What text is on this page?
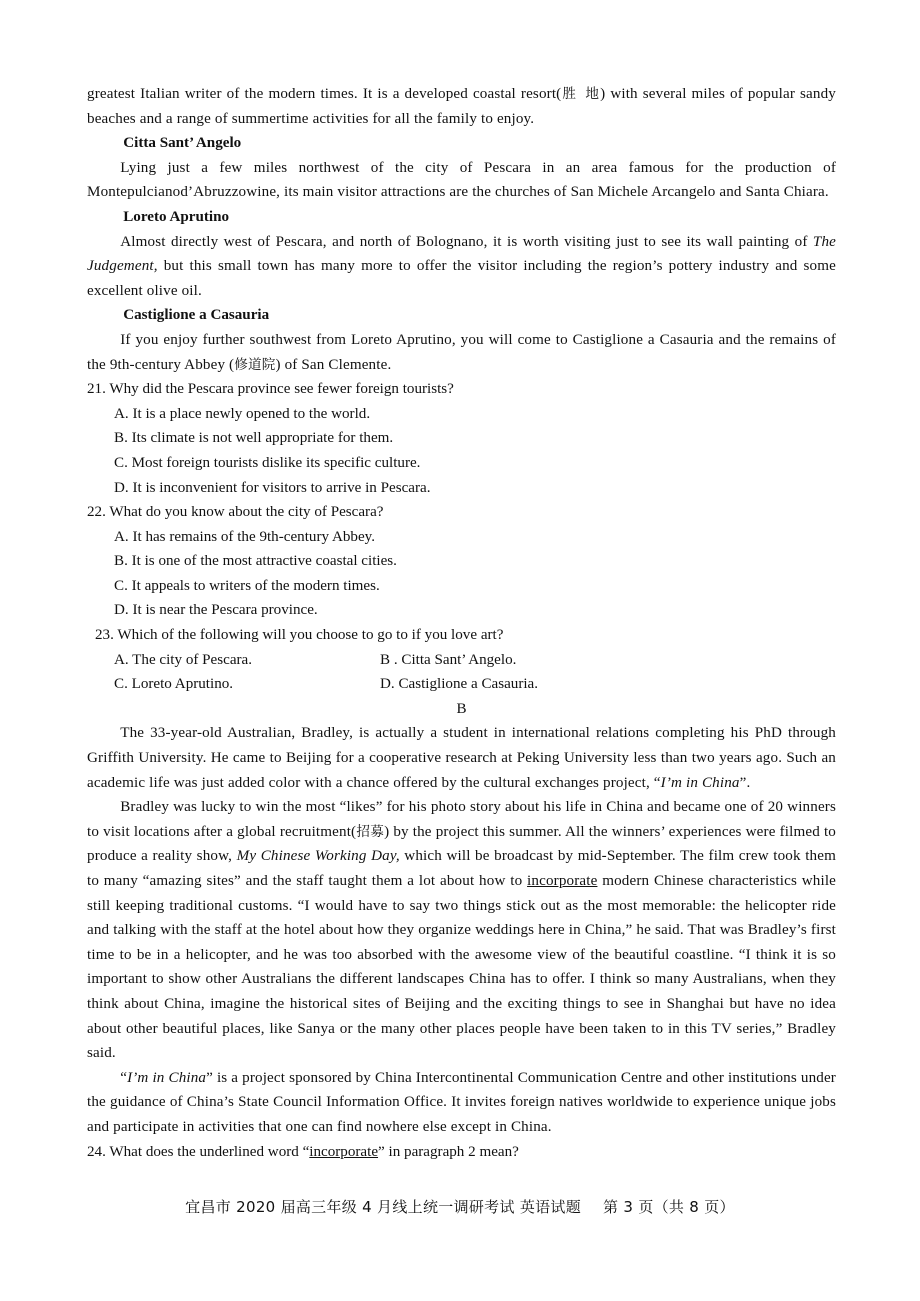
greatest Italian writer of the modern times. It is a developed coastal resort(胜 地) with several miles of popular sandy beaches and a range of summertime activities for all the family to enjoy.

Citta Sant’ Angelo

Lying just a few miles northwest of the city of Pescara in an area famous for the production of Montepulcianod’Abruzzowine, its main visitor attractions are the churches of San Michele Arcangelo and Santa Chiara.

Loreto Aprutino

Almost directly west of Pescara, and north of Bolognano, it is worth visiting just to see its wall painting of The Judgement, but this small town has many more to offer the visitor including the region’s pottery industry and some excellent olive oil.

Castiglione a Casauria

If you enjoy further southwest from Loreto Aprutino, you will come to Castiglione a Casauria and the remains of the 9th-century Abbey (修道院) of San Clemente.

21. Why did the Pescara province see fewer foreign tourists?

A. It is a place newly opened to the world.

B. Its climate is not well appropriate for them.

C. Most foreign tourists dislike its specific culture.

D. It is inconvenient for visitors to arrive in Pescara.

22. What do you know about the city of Pescara?

A. It has remains of the 9th-century Abbey.

B. It is one of the most attractive coastal cities.

C. It appeals to writers of the modern times.

D. It is near the Pescara province.

23. Which of the following will you choose to go to if you love art?

A. The city of Pescara.	B . Citta Sant’ Angelo.
C. Loreto Aprutino.	D. Castiglione a Casauria.

B

The 33-year-old Australian, Bradley, is actually a student in international relations completing his PhD through Griffith University. He came to Beijing for a cooperative research at Peking University less than two years ago. Such an academic life was just added color with a chance offered by the cultural exchanges project, “I’m in China”.

Bradley was lucky to win the most “likes” for his photo story about his life in China and became one of 20 winners to visit locations after a global recruitment(招募) by the project this summer. All the winners’ experiences were filmed to produce a reality show, My Chinese Working Day, which will be broadcast by mid-September. The film crew took them to many “amazing sites” and the staff taught them a lot about how to incorporate modern Chinese characteristics while still keeping traditional customs. “I would have to say two things stick out as the most memorable: the helicopter ride and talking with the staff at the hotel about how they organize weddings here in China,” he said. That was Bradley’s first time to be in a helicopter, and he was too absorbed with the awesome view of the beautiful coastline. “I think it is so important to show other Australians the different landscapes China has to offer. I think so many Australians, when they think about China, imagine the historical sites of Beijing and the exciting things to see in Shanghai but have no idea about other beautiful places, like Sanya or the many other places people have been taken to in this TV series,” Bradley said.

“I’m in China” is a project sponsored by China Intercontinental Communication Centre and other institutions under the guidance of China’s State Council Information Office. It invites foreign natives worldwide to experience unique jobs and participate in activities that one can find nowhere else except in China.

24. What does the underlined word “incorporate” in paragraph 2 mean?

宜昌市 2020 届高三年级 4 月线上统一调研考试 英语试题 第 3 页（共 8 页）
